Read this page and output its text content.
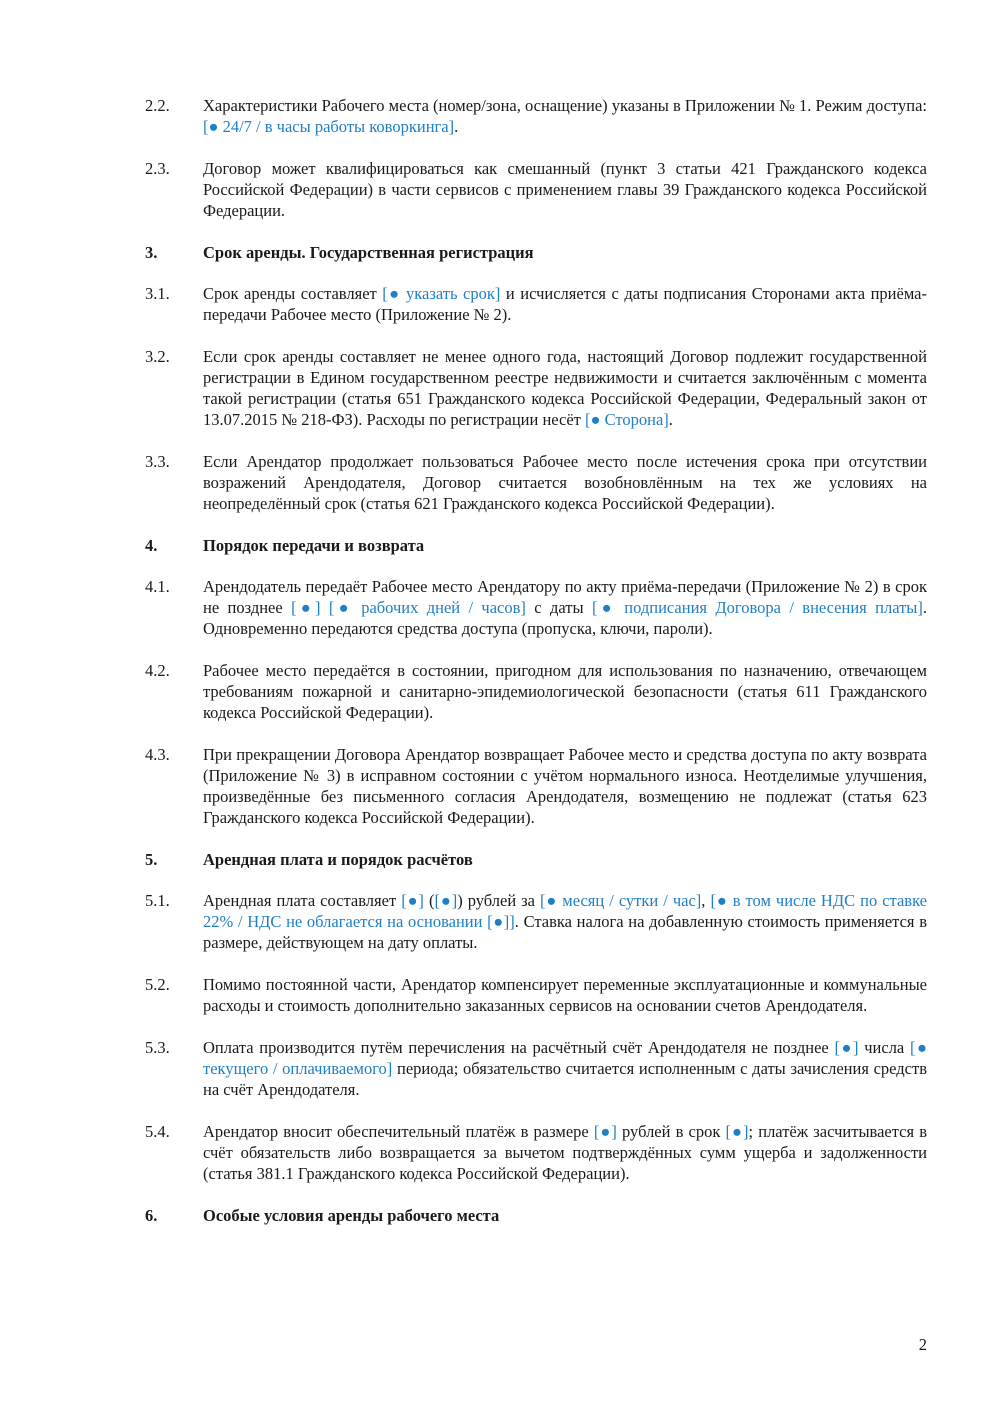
2.2.	Характеристики Рабочего места (номер/зона, оснащение) указаны в Приложении № 1. Режим доступа: [● 24/7 / в часы работы коворкинга].
2.3.	Договор может квалифицироваться как смешанный (пункт 3 статьи 421 Гражданского кодекса Российской Федерации) в части сервисов с применением главы 39 Гражданского кодекса Российской Федерации.
3.	Срок аренды. Государственная регистрация
3.1.	Срок аренды составляет [● указать срок] и исчисляется с даты подписания Сторонами акта приёма-передачи Рабочее место (Приложение № 2).
3.2.	Если срок аренды составляет не менее одного года, настоящий Договор подлежит государственной регистрации в Едином государственном реестре недвижимости и считается заключённым с момента такой регистрации (статья 651 Гражданского кодекса Российской Федерации, Федеральный закон от 13.07.2015 № 218-ФЗ). Расходы по регистрации несёт [● Сторона].
3.3.	Если Арендатор продолжает пользоваться Рабочее место после истечения срока при отсутствии возражений Арендодателя, Договор считается возобновлённым на тех же условиях на неопределённый срок (статья 621 Гражданского кодекса Российской Федерации).
4.	Порядок передачи и возврата
4.1.	Арендодатель передаёт Рабочее место Арендатору по акту приёма-передачи (Приложение № 2) в срок не позднее [●] [● рабочих дней / часов] с даты [● подписания Договора / внесения платы]. Одновременно передаются средства доступа (пропуска, ключи, пароли).
4.2.	Рабочее место передаётся в состоянии, пригодном для использования по назначению, отвечающем требованиям пожарной и санитарно-эпидемиологической безопасности (статья 611 Гражданского кодекса Российской Федерации).
4.3.	При прекращении Договора Арендатор возвращает Рабочее место и средства доступа по акту возврата (Приложение № 3) в исправном состоянии с учётом нормального износа. Неотделимые улучшения, произведённые без письменного согласия Арендодателя, возмещению не подлежат (статья 623 Гражданского кодекса Российской Федерации).
5.	Арендная плата и порядок расчётов
5.1.	Арендная плата составляет [●] ([●]) рублей за [● месяц / сутки / час], [● в том числе НДС по ставке 22% / НДС не облагается на основании [●]]. Ставка налога на добавленную стоимость применяется в размере, действующем на дату оплаты.
5.2.	Помимо постоянной части, Арендатор компенсирует переменные эксплуатационные и коммунальные расходы и стоимость дополнительно заказанных сервисов на основании счетов Арендодателя.
5.3.	Оплата производится путём перечисления на расчётный счёт Арендодателя не позднее [●] числа [● текущего / оплачиваемого] периода; обязательство считается исполненным с даты зачисления средств на счёт Арендодателя.
5.4.	Арендатор вносит обеспечительный платёж в размере [●] рублей в срок [●]; платёж засчитывается в счёт обязательств либо возвращается за вычетом подтверждённых сумм ущерба и задолженности (статья 381.1 Гражданского кодекса Российской Федерации).
6.	Особые условия аренды рабочего места
2
